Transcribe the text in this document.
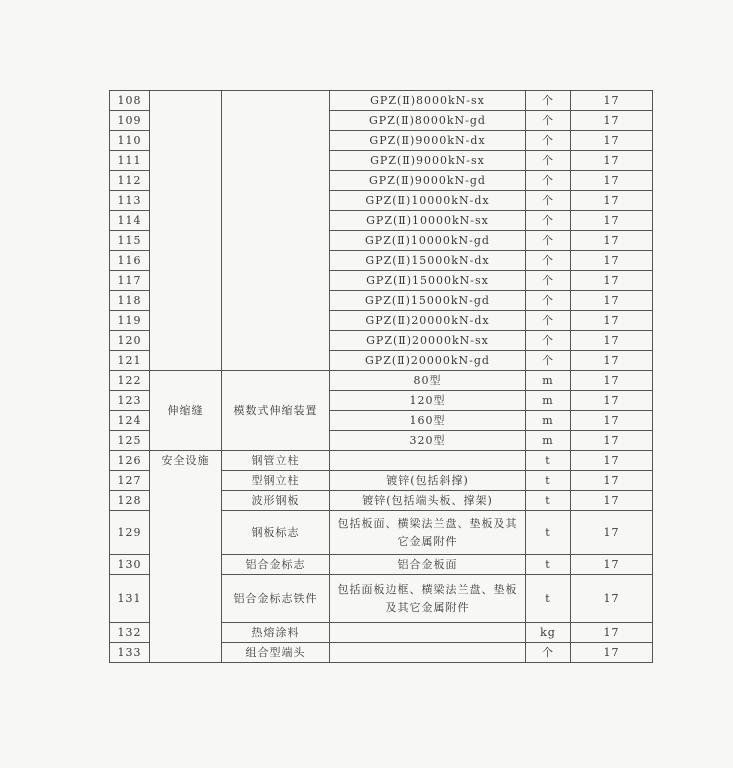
108			GPZ(Ⅱ)8000kN-sx	个	17
109			GPZ(Ⅱ)8000kN-gd	个	17
110			GPZ(Ⅱ)9000kN-dx	个	17
111			GPZ(Ⅱ)9000kN-sx	个	17
112			GPZ(Ⅱ)9000kN-gd	个	17
113			GPZ(Ⅱ)10000kN-dx	个	17
114			GPZ(Ⅱ)10000kN-sx	个	17
115			GPZ(Ⅱ)10000kN-gd	个	17
116			GPZ(Ⅱ)15000kN-dx	个	17
117			GPZ(Ⅱ)15000kN-sx	个	17
118			GPZ(Ⅱ)15000kN-gd	个	17
119			GPZ(Ⅱ)20000kN-dx	个	17
120			GPZ(Ⅱ)20000kN-sx	个	17
121			GPZ(Ⅱ)20000kN-gd	个	17
122	伸缩缝	模数式伸缩装置	80型	m	17
123			120型	m	17
124			160型	m	17
125			320型	m	17
126	安全设施	钢管立柱		t	17
127		型钢立柱	镀锌(包括斜撑)	t	17
128		波形钢板	镀锌(包括端头板、撑架)	t	17
129		钢板标志	包括板面、横梁法兰盘、垫板及其它金属附件	t	17
130		铝合金标志	铝合金板面	t	17
131		铝合金标志铁件	包括面板边框、横梁法兰盘、垫板及其它金属附件	t	17
132		热熔涂料		kg	17
133		组合型端头		个	17
